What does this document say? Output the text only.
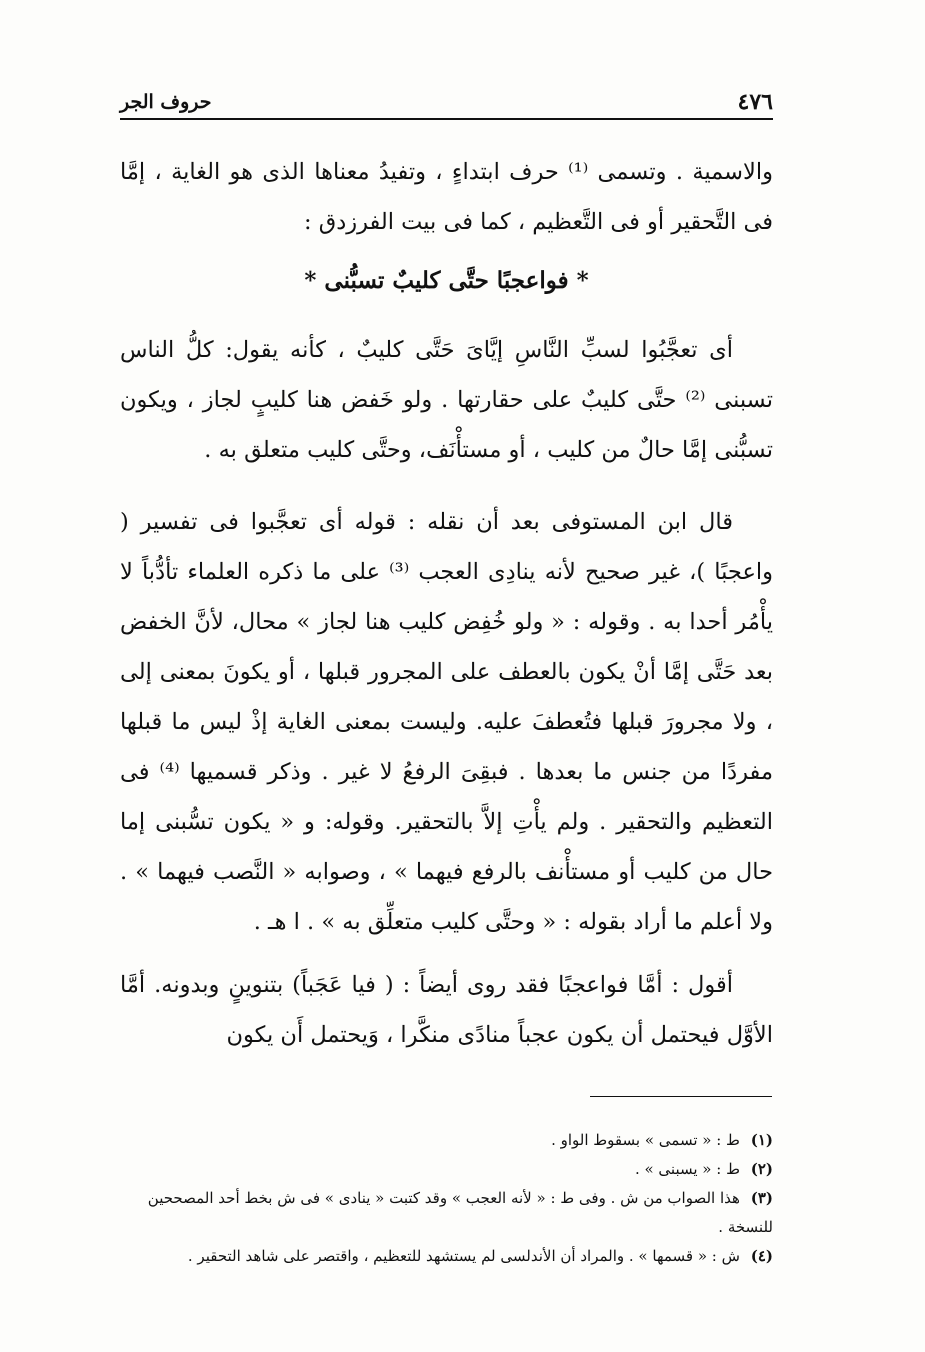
٤٧٦
حروف الجر

والاسمية . وتسمى ⁽¹⁾ حرف ابتداءٍ ، وتفيدُ معناها الذى هو الغاية ، إمَّا فى التَّحقير أو فى التَّعظيم ، كما فى بيت الفرزدق :

* فواعجبًا حتَّى كليبٌ تسبُّنى *

أى تعجَّبُوا لسبِّ النَّاسِ إيَّاىَ حَتَّى كليبٌ ، كأنه يقول: كلُّ الناس تسبنى ⁽²⁾ حتَّى كليبٌ على حقارتها . ولو خَفض هنا كليبٍ لجاز ، ويكون تسبُّنى إمَّا حالٌ من كليب ، أو مستأْنَف، وحتَّى كليب متعلق به .

قال ابن المستوفى بعد أن نقله : قوله أى تعجَّبوا فى تفسير ( واعجبًا )، غير صحيح لأنه ينادِى العجب ⁽³⁾ على ما ذكره العلماء تأدُّباً لا يأْمُر أحدا به . وقوله : « ولو خُفِض كليب هنا لجاز » محال، لأنَّ الخفض بعد حَتَّى إمَّا أنْ يكون بالعطف على المجرور قبلها ، أو يكونَ بمعنى إلى ، ولا مجرورَ قبلها فتُعطفَ عليه. وليست بمعنى الغاية إذْ ليس ما قبلها مفردًا من جنس ما بعدها . فبقِىَ الرفعُ لا غير . وذكر قسميها ⁽⁴⁾ فى التعظيم والتحقير . ولم يأْتِ إلاَّ بالتحقير. وقوله: و « يكون تسُّبنى إما حال من كليب أو مستأْنف بالرفع فيهما » ، وصوابه « النَّصب فيهما » . ولا أعلم ما أراد بقوله : « وحتَّى كليب متعلِّق به » . ا هـ .

أقول : أمَّا فواعجبًا فقد روى أيضاً : ( فيا عَجَباً) بتنوينٍ وبدونه. أمَّا الأوَّل فيحتمل أن يكون عجباً منادًى منكَّرا ، وَيحتمل أَن يكون

(١) ط : « تسمى » بسقوط الواو .

(٢) ط : « يسبنى » .

(٣) هذا الصواب من ش . وفى ط : « لأنه العجب » وقد كتبت « ينادى » فى ش بخط أحد المصححين للنسخة .

(٤) ش : « قسمها » . والمراد أن الأندلسى لم يستشهد للتعظيم ، واقتصر على شاهد التحقير .
